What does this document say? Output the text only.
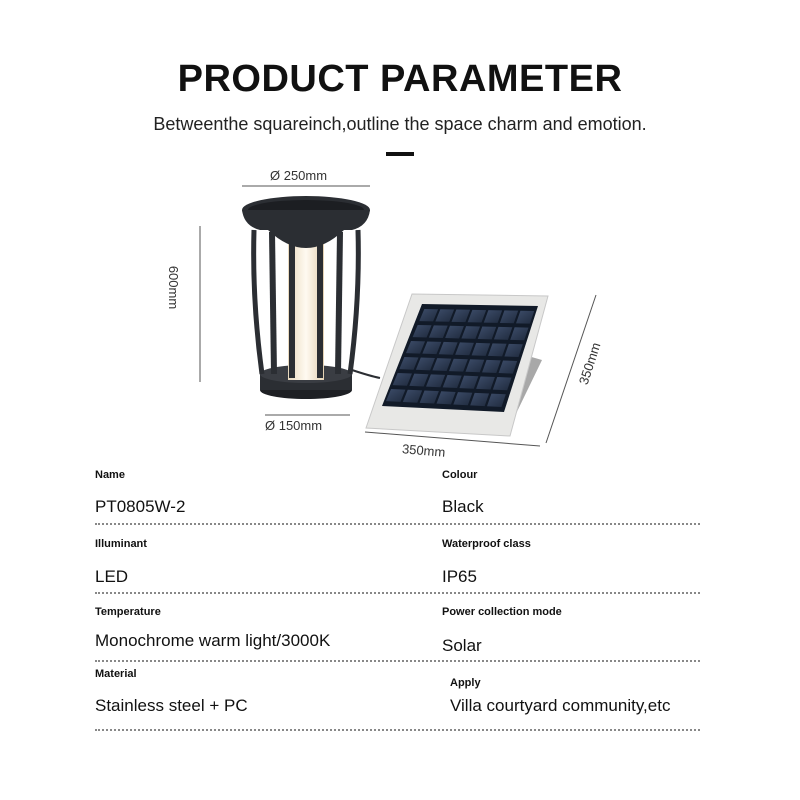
PRODUCT PARAMETER
Betweenthe squareinch,outline the space charm and emotion.
Ø 250mm
Ø 150mm
600mm
350mm
350mm
Name
PT0805W-2
Colour
Black
Illuminant
LED
Waterproof class
IP65
Temperature
Monochrome warm light/3000K
Power collection mode
Solar
Material
Stainless steel + PC
Apply
Villa courtyard community,etc
